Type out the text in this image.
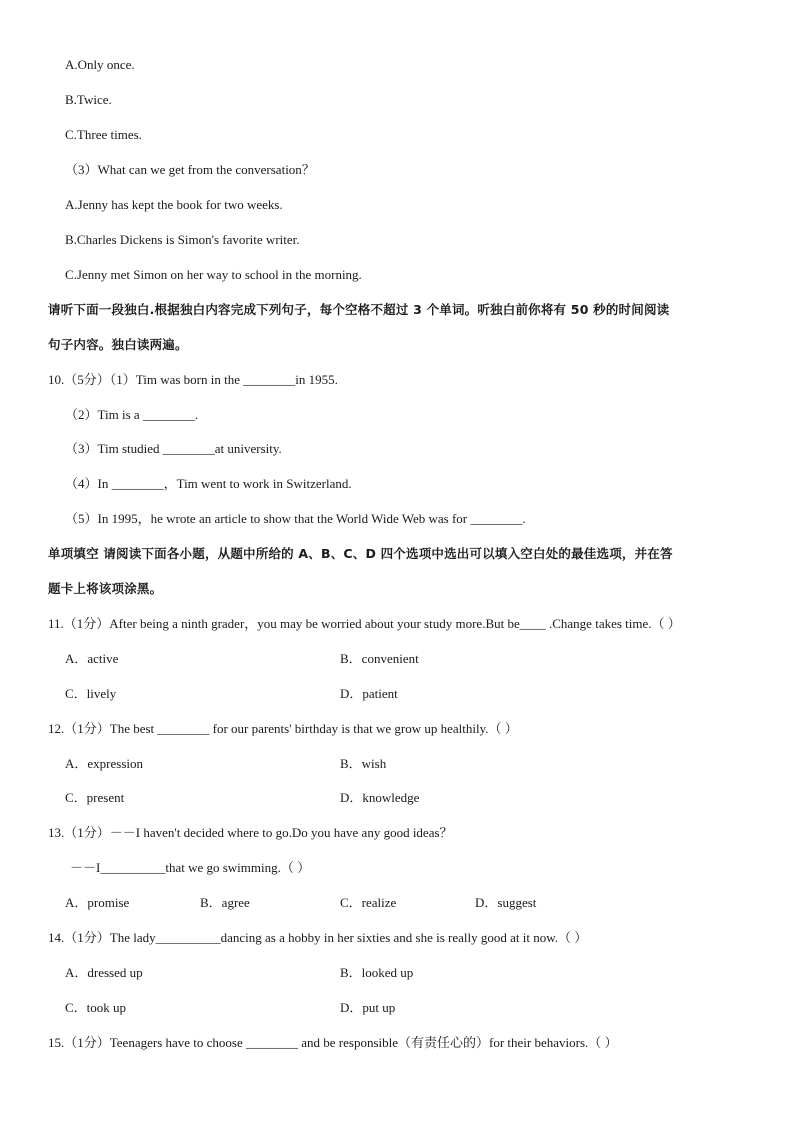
A.Only once.
B.Twice.
C.Three times.
（3）What can we get from the conversation？
A.Jenny has kept the book for two weeks.
B.Charles Dickens is Simon's favorite writer.
C.Jenny met Simon on her way to school in the morning.
请听下面一段独白.根据独白内容完成下列句子，每个空格不超过 3 个单词。听独白前你将有 50 秒的时间阅读
句子内容。独白读两遍。
10.（5分）（1）Tim was born in the ________in 1955.
（2）Tim is a ________.
（3）Tim studied ________at university.
（4）In ________，Tim went to work in Switzerland.
（5）In 1995，he wrote an article to show that the World Wide Web was for ________.
单项填空 请阅读下面各小题，从题中所给的 A、B、C、D 四个选项中选出可以填入空白处的最佳选项，并在答
题卡上将该项涂黑。
11.（1分）After being a ninth grader，you may be worried about your study more.But be____ .Change takes time.（ ）
A．active	B．convenient
C．lively	D．patient
12.（1分）The best ________ for our parents' birthday is that we grow up healthily.（ ）
A．expression	B．wish
C．present	D．knowledge
13.（1分）－－I haven't decided where to go.Do you have any good ideas？
－－I__________that we go swimming.（ ）
A．promise	B．agree	C．realize	D．suggest
14.（1分）The lady__________dancing as a hobby in her sixties and she is really good at it now.（ ）
A．dressed up	B．looked up
C．took up	D．put up
15.（1分）Teenagers have to choose ________ and be responsible（有责任心的）for their behaviors.（ ）
